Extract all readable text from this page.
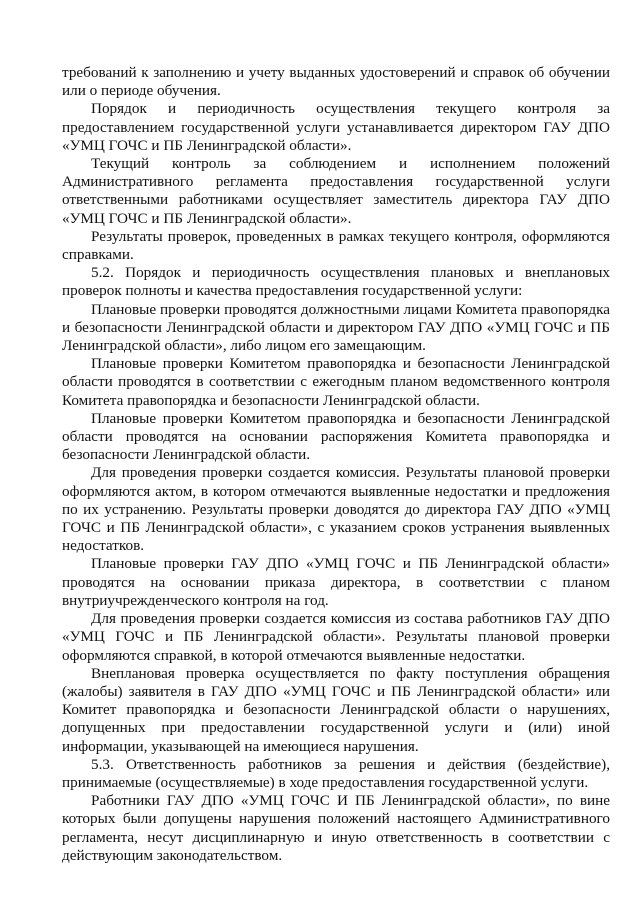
требований к заполнению и учету выданных удостоверений и справок об обучении или о периоде обучения.

Порядок и периодичность осуществления текущего контроля за предоставлением государственной услуги устанавливается директором ГАУ ДПО «УМЦ ГОЧС и ПБ Ленинградской области».

Текущий контроль за соблюдением и исполнением положений Административного регламента предоставления государственной услуги ответственными работниками осуществляет заместитель директора ГАУ ДПО «УМЦ ГОЧС и ПБ Ленинградской области».

Результаты проверок, проведенных в рамках текущего контроля, оформляются справками.

5.2. Порядок и периодичность осуществления плановых и внеплановых проверок полноты и качества предоставления государственной услуги:

Плановые проверки проводятся должностными лицами Комитета правопорядка и безопасности Ленинградской области и директором ГАУ ДПО «УМЦ ГОЧС и ПБ Ленинградской области», либо лицом его замещающим.

Плановые проверки Комитетом правопорядка и безопасности Ленинградской области проводятся в соответствии с ежегодным планом ведомственного контроля Комитета правопорядка и безопасности Ленинградской области.

Плановые проверки Комитетом правопорядка и безопасности Ленинградской области проводятся на основании распоряжения Комитета правопорядка и безопасности Ленинградской области.

Для проведения проверки создается комиссия. Результаты плановой проверки оформляются актом, в котором отмечаются выявленные недостатки и предложения по их устранению. Результаты проверки доводятся до директора ГАУ ДПО «УМЦ ГОЧС и ПБ Ленинградской области», с указанием сроков устранения выявленных недостатков.

Плановые проверки ГАУ ДПО «УМЦ ГОЧС и ПБ Ленинградской области» проводятся на основании приказа директора, в соответствии с планом внутриучрежденческого контроля на год.

Для проведения проверки создается комиссия из состава работников ГАУ ДПО «УМЦ ГОЧС и ПБ Ленинградской области». Результаты плановой проверки оформляются справкой, в которой отмечаются выявленные недостатки.

Внеплановая проверка осуществляется по факту поступления обращения (жалобы) заявителя в ГАУ ДПО «УМЦ ГОЧС и ПБ Ленинградской области» или Комитет правопорядка и безопасности Ленинградской области о нарушениях, допущенных при предоставлении государственной услуги и (или) иной информации, указывающей на имеющиеся нарушения.

5.3. Ответственность работников за решения и действия (бездействие), принимаемые (осуществляемые) в ходе предоставления государственной услуги.

Работники ГАУ ДПО «УМЦ ГОЧС И ПБ Ленинградской области», по вине которых были допущены нарушения положений настоящего Административного регламента, несут дисциплинарную и иную ответственность в соответствии с действующим законодательством.
